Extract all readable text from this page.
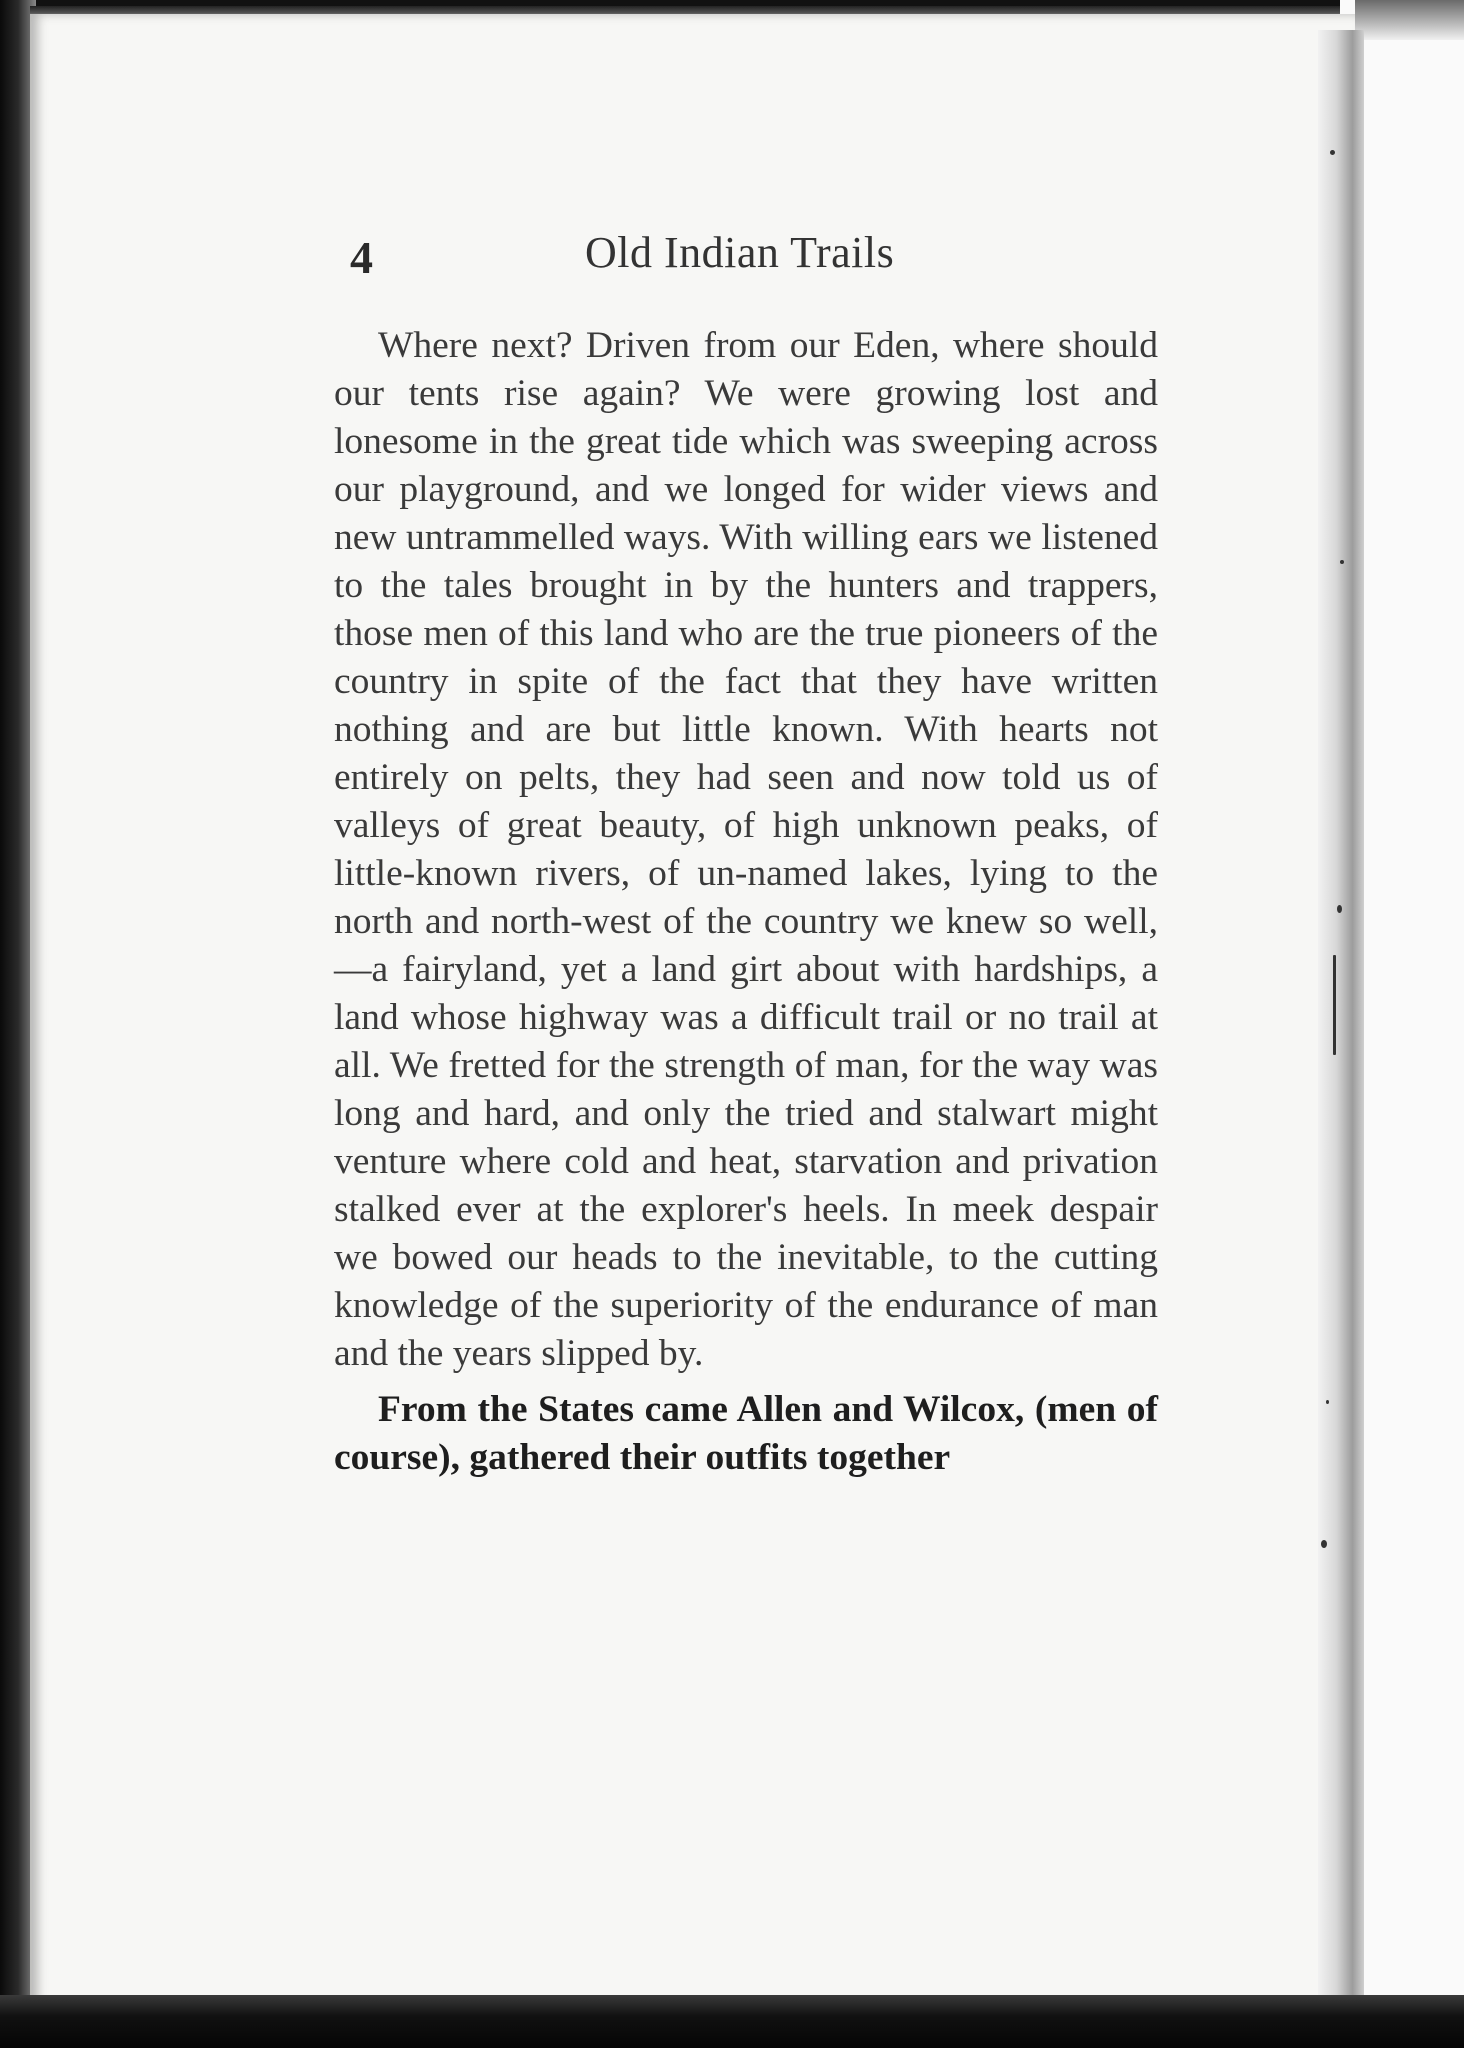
4	Old Indian Trails

Where next? Driven from our Eden, where should our tents rise again? We were growing lost and lonesome in the great tide which was sweeping across our playground, and we longed for wider views and new untrammelled ways. With willing ears we listened to the tales brought in by the hunters and trappers, those men of this land who are the true pioneers of the country in spite of the fact that they have written nothing and are but little known. With hearts not entirely on pelts, they had seen and now told us of valleys of great beauty, of high unknown peaks, of little-known rivers, of un-named lakes, lying to the north and north-west of the country we knew so well,—a fairyland, yet a land girt about with hardships, a land whose highway was a difficult trail or no trail at all. We fretted for the strength of man, for the way was long and hard, and only the tried and stalwart might venture where cold and heat, starvation and privation stalked ever at the explorer's heels. In meek despair we bowed our heads to the inevitable, to the cutting knowledge of the superiority of the endurance of man and the years slipped by.

From the States came Allen and Wilcox, (men of course), gathered their outfits together
